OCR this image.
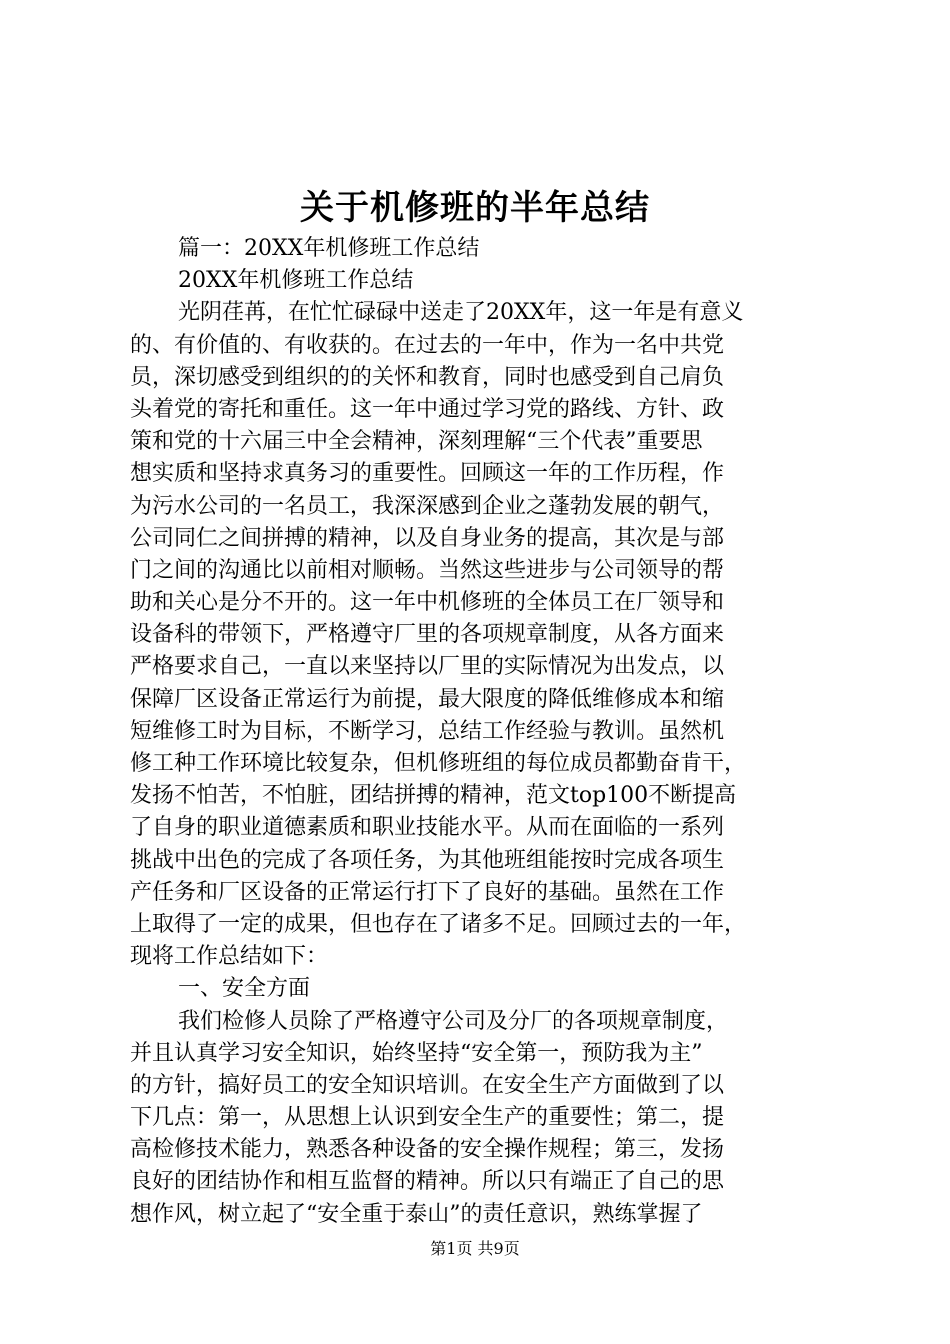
关于机修班的半年总结
篇一：20XX年机修班工作总结
20XX年机修班工作总结
光阴荏苒，在忙忙碌碌中送走了20XX年，这一年是有意义
的、有价值的、有收获的。在过去的一年中，作为一名中共党
员，深切感受到组织的的关怀和教育，同时也感受到自己肩负
头着党的寄托和重任。这一年中通过学习党的路线、方针、政
策和党的十六届三中全会精神，深刻理解“三个代表”重要思
想实质和坚持求真务习的重要性。回顾这一年的工作历程，作
为污水公司的一名员工，我深深感到企业之蓬勃发展的朝气，
公司同仁之间拼搏的精神，以及自身业务的提高，其次是与部
门之间的沟通比以前相对顺畅。当然这些进步与公司领导的帮
助和关心是分不开的。这一年中机修班的全体员工在厂领导和
设备科的带领下，严格遵守厂里的各项规章制度，从各方面来
严格要求自己，一直以来坚持以厂里的实际情况为出发点，以
保障厂区设备正常运行为前提，最大限度的降低维修成本和缩
短维修工时为目标，不断学习，总结工作经验与教训。虽然机
修工种工作环境比较复杂，但机修班组的每位成员都勤奋肯干，
发扬不怕苦，不怕脏，团结拼搏的精神，范文top100不断提高
了自身的职业道德素质和职业技能水平。从而在面临的一系列
挑战中出色的完成了各项任务，为其他班组能按时完成各项生
产任务和厂区设备的正常运行打下了良好的基础。虽然在工作
上取得了一定的成果，但也存在了诸多不足。回顾过去的一年，
现将工作总结如下：
一、安全方面
我们检修人员除了严格遵守公司及分厂的各项规章制度，
并且认真学习安全知识，始终坚持“安全第一，预防我为主”
的方针，搞好员工的安全知识培训。在安全生产方面做到了以
下几点：第一，从思想上认识到安全生产的重要性；第二，提
高检修技术能力，熟悉各种设备的安全操作规程；第三，发扬
良好的团结协作和相互监督的精神。所以只有端正了自己的思
想作风，树立起了“安全重于泰山”的责任意识，熟练掌握了
第1页 共9页
